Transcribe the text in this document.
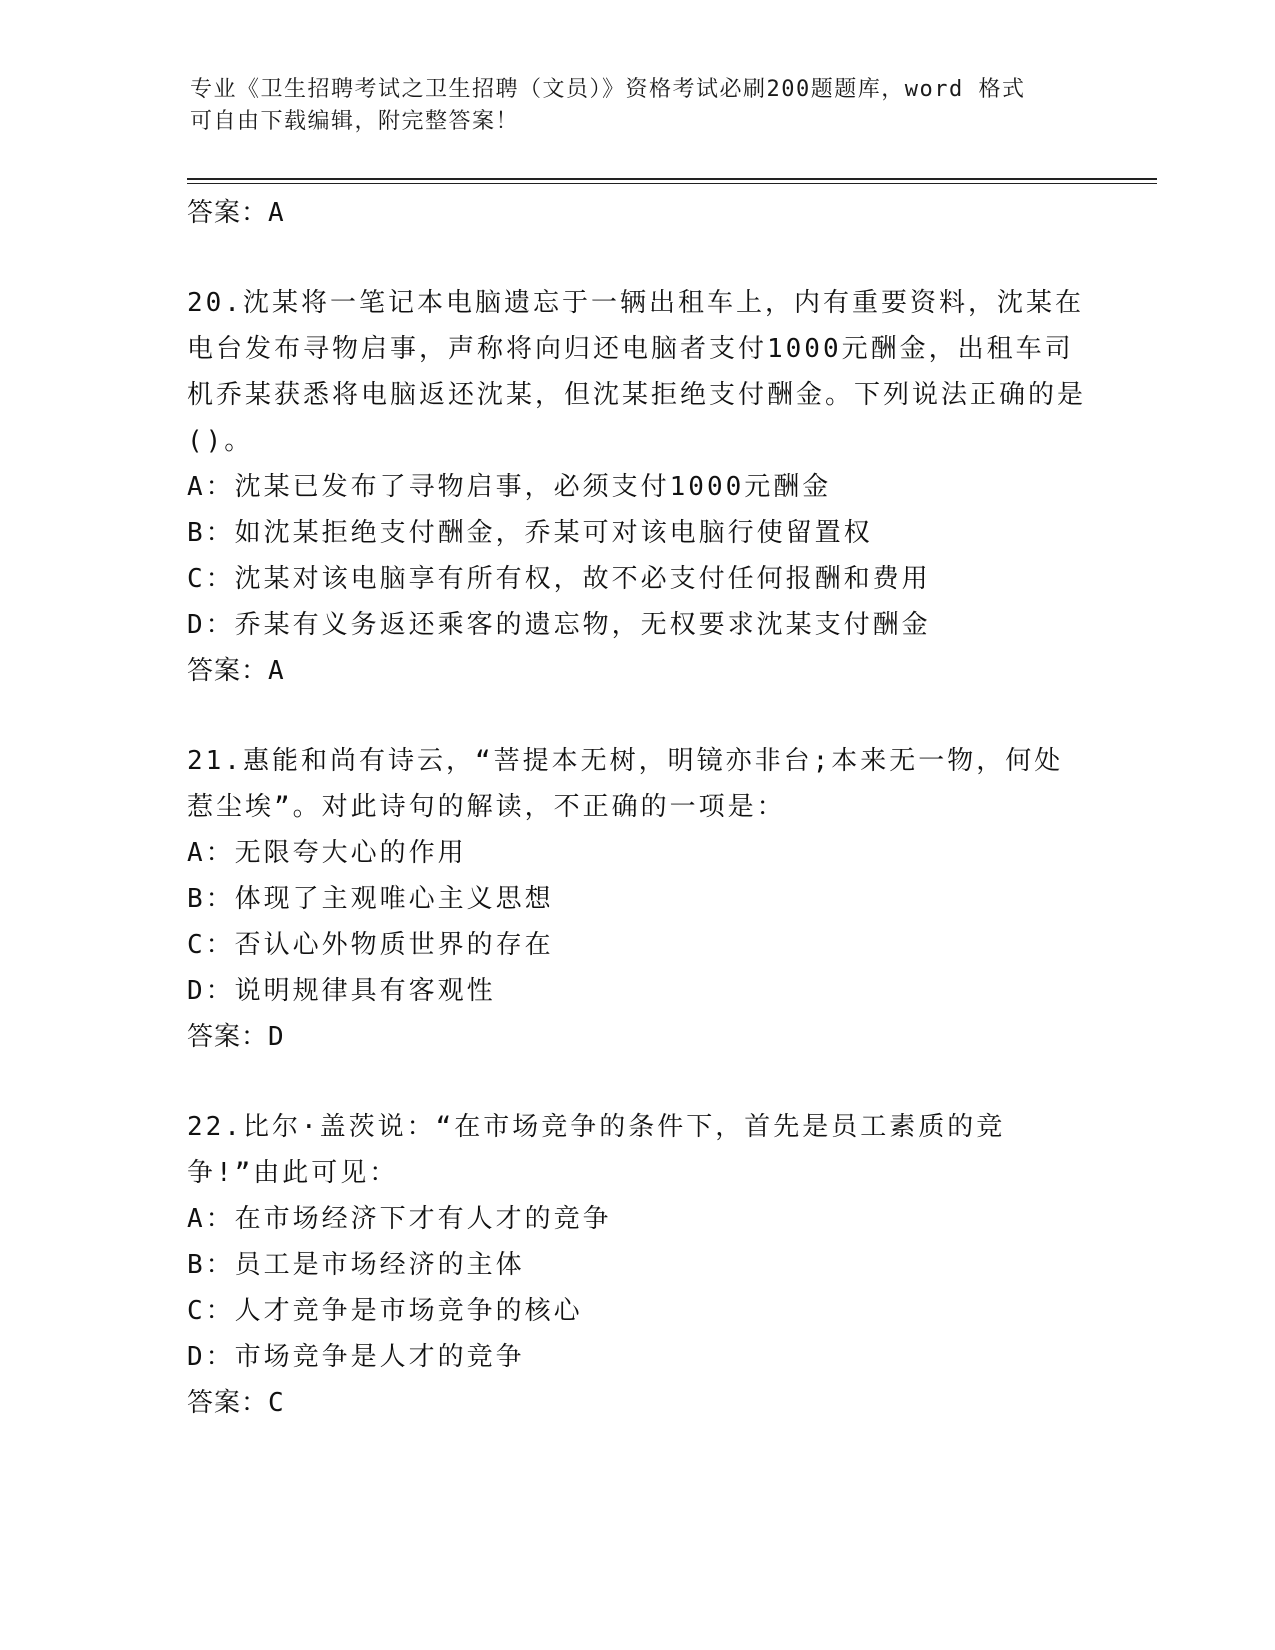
专业《卫生招聘考试之卫生招聘（文员）》资格考试必刷200题题库，word 格式
可自由下载编辑，附完整答案！

答案：A

20.沈某将一笔记本电脑遗忘于一辆出租车上，内有重要资料，沈某在电台发布寻物启事，声称将向归还电脑者支付1000元酬金，出租车司机乔某获悉将电脑返还沈某，但沈某拒绝支付酬金。下列说法正确的是()。

A：沈某已发布了寻物启事，必须支付1000元酬金

B：如沈某拒绝支付酬金，乔某可对该电脑行使留置权

C：沈某对该电脑享有所有权，故不必支付任何报酬和费用

D：乔某有义务返还乘客的遗忘物，无权要求沈某支付酬金

答案：A

21.惠能和尚有诗云，“菩提本无树，明镜亦非台;本来无一物，何处惹尘埃”。对此诗句的解读，不正确的一项是：

A：无限夸大心的作用

B：体现了主观唯心主义思想

C：否认心外物质世界的存在

D：说明规律具有客观性

答案：D

22.比尔·盖茨说：“在市场竞争的条件下，首先是员工素质的竞争!”由此可见：

A：在市场经济下才有人才的竞争

B：员工是市场经济的主体

C：人才竞争是市场竞争的核心

D：市场竞争是人才的竞争

答案：C
